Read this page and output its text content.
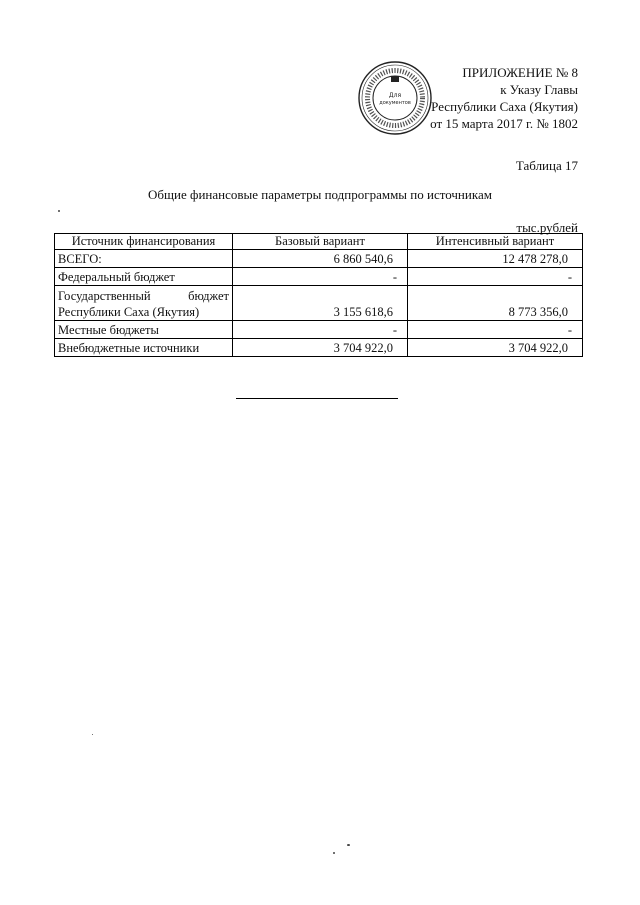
Для
документов
ПРИЛОЖЕНИЕ № 8
к Указу Главы
Республики Саха (Якутия)
от 15 марта 2017 г. № 1802
Таблица 17
Общие финансовые параметры подпрограммы по источникам
тыс.рублей
Источник финансирования	Базовый вариант	Интенсивный вариант
ВСЕГО:	6 860 540,6	12 478 278,0
Федеральный бюджет	-	-

Государственный бюджет
Республики Саха (Якутия)	3 155 618,6	8 773 356,0
Местные бюджеты	-	-
Внебюджетные источники	3 704 922,0	3 704 922,0
